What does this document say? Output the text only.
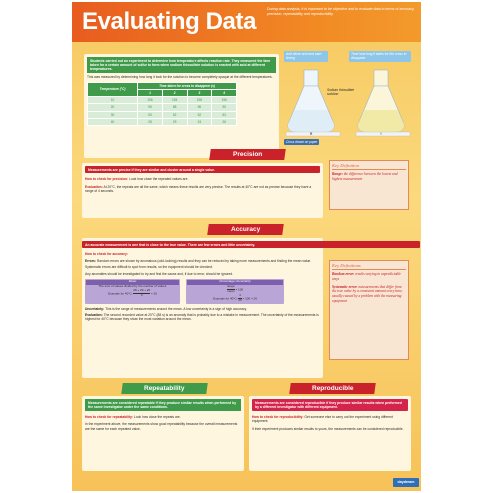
Evaluating Data	During data analysis, it is important to be objective and to evaluate data in terms of accuracy, precision, repeatability and reproducibility.
Students carried out an experiment to determine how temperature affects reaction rate. They measured the time taken for a certain amount of sulfur to form when sodium thiosulfate solution is reacted with acid at different temperatures.

This was measured by determining how long it took for the solution to become completely opaque at the different temperatures.

Temperature (°C)	Time taken for cross to disappear (s)			
	1	2	3	4
10	196	194	196	196
20	95	88	96	95
30	53	52	52	53
40	28	29	24	26
Add dilute acid and start timing
Time how long it takes for the cross to disappear
✕	✕
Sodium thiosulfate solution
Cross drawn on paper
Precision
Measurements are precise if they are similar and cluster around a single value.

How to check for precision: Look how close the repeated values are.

Evaluation: At 20°C, the repeats are all the same, which means these results are very precise. The results at 40°C are not as precise because they have a range of 4 seconds.

Key Definition
Range: the difference between the lowest and highest measurement
Accuracy
An accurate measurement is one that is close to the true value. There are few errors and little uncertainty.

How to check for accuracy:

Errors: Random errors are shown by anomalous (odd-looking) results and they can be reduced by taking more measurements and finding the mean value.

Systematic errors are difficult to spot from results, so the equipment should be checked.

Any anomalies should be investigated to try and find the cause and, if due to error, should be ignored.

Mean
The sum of values divided by the number of values
Example for 40°C: $\frac{28 + 29 + 26}{3} = 26$
Percentage Uncertainty
range
mean × 100
Example for 40°C: $\frac{4}{26} \times 100 = 26$

Uncertainty: This is the range of measurements around the mean. A low uncertainty is a sign of high accuracy.

Evaluation: The second recorded value at 20°C (88 s) is an anomaly that is probably due to a mistake in measurement. The uncertainty of the measurements is highest for 40°C because they show the most variation around the mean.

Key Definitions
Random error: results varying in unpredictable ways
Systematic error: measurements that differ from the true value by a consistent amount every time; usually caused by a problem with the measuring equipment
Repeatability
Measurements are considered repeatable if they produce similar results when performed by the same investigator under the same conditions.

How to check for repeatability: Look how close the repeats are.

In the experiment above, the measurements show good repeatability because the overall measurements are the same for each repeated value.

Reproducible
Measurements are considered reproducible if they produce similar results when performed by a different investigator with different equipment.

How to check for reproducibility: Get someone else to carry out the experiment using different equipment.

If their experiment produces similar results to yours, the measurements can be considered reproducible.

daydream
